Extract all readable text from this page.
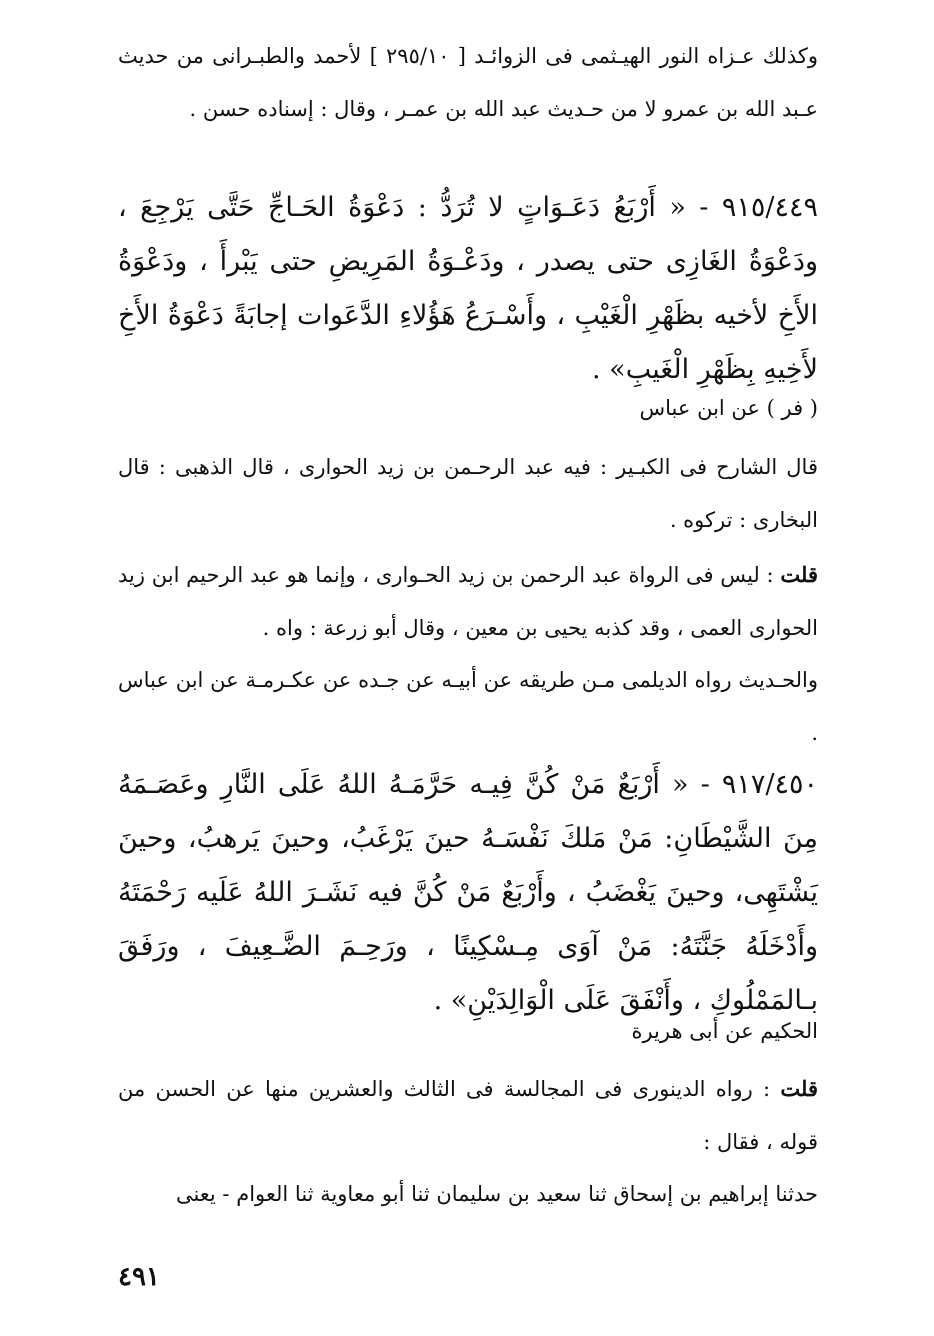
وكذلك عـزاه النور الهيـثمى فى الزوائـد [ ٢٩٥/١٠ ] لأحمد والطبـرانى من حديث عـبد الله بن عمرو لا من حـديث عبد الله بن عمـر ، وقال : إسناده حسن .
٩١٥/٤٤٩ - « أَرْبَعُ دَعَـوَاتٍ لا تُرَدُّ : دَعْوَةُ الحَـاجِّ حَتَّى يَرْجِعَ ، ودَعْوَةُ الغَازِى حتى يصدر ، ودَعْـوَةُ المَرِيضِ حتى يَبْرأَ ، ودَعْوَةُ الأَخِ لأخيه بظَهْرِ الْغَيْبِ ، وأَسْـرَعُ هَؤُلاءِ الدَّعَوات إجابَةً دَعْوَةُ الأَخِ لأَخِيهِ بِظَهْرِ الْغَيبِ» .
( فر ) عن ابن عباس
قال الشارح فى الكبـير : فيه عبد الرحـمن بن زيد الحوارى ، قال الذهبى : قال البخارى : تركوه .
قلت : ليس فى الرواة عبد الرحمن بن زيد الحـوارى ، وإنما هو عبد الرحيم ابن زيد الحوارى العمى ، وقد كذبه يحيى بن معين ، وقال أبو زرعة : واه .
والحـديث رواه الديلمى مـن طريقه عن أبيـه عن جـده عن عكـرمـة عن ابن عباس .
٩١٧/٤٥٠ - « أَرْبَعٌ مَنْ كُنَّ فِيـه حَرَّمَـهُ اللهُ عَلَى النَّارِ وعَصَـمَهُ مِنَ الشَّيْطَانِ: مَنْ مَلكَ نَفْسَـهُ حينَ يَرْغَبُ، وحينَ يَرهبُ، وحينَ يَشْتَهِى، وحينَ يَغْضَبُ ، وأَرْبَعٌ مَنْ كُنَّ فيه نَشَـرَ اللهُ عَلَيه رَحْمَتَهُ وأَدْخَلَهُ جَنَّتَهُ: مَنْ آوَى مِـسْكِينًا ، ورَحِـمَ الضَّـعِيفَ ، ورَفَقَ بـالمَمْلُوكِ ، وأَنْفَقَ عَلَى الْوَالِدَيْنِ» .
الحكيم عن أبى هريرة
قلت : رواه الدينورى فى المجالسة فى الثالث والعشرين منها عن الحسن من قوله ، فقال :
حدثنا إبراهيم بن إسحاق ثنا سعيد بن سليمان ثنا أبو معاوية ثنا العوام - يعنى
٤٩١
